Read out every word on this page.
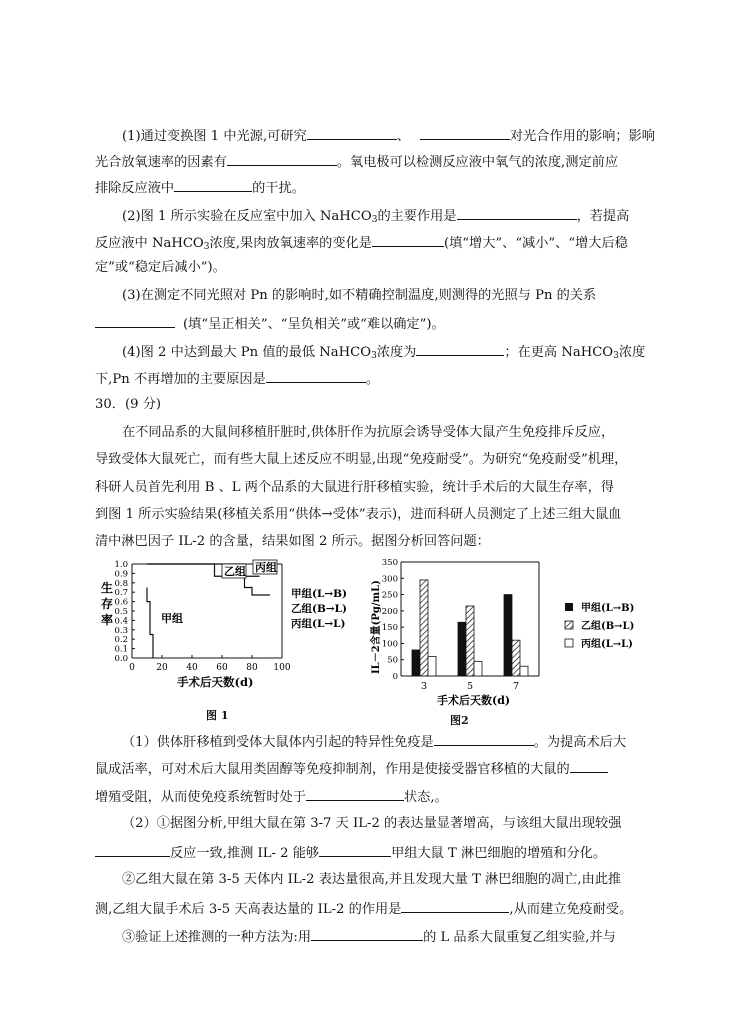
(1)通过变换图 1 中光源,可研究	、	对光合作用的影响；影响
光合放氧速率的因素有	。氧电极可以检测反应液中氧气的浓度,测定前应
排除反应液中	的干扰。
(2)图 1 所示实验在反应室中加入 NaHCO$_3$的主要作用是	，若提高
反应液中 NaHCO$_3$浓度,果肉放氧速率的变化是	(填“增大”、“减小”、“增大后稳
定”或“稳定后减小”)。
(3)在测定不同光照对 Pn 的影响时,如不精确控制温度,则测得的光照与 Pn 的关系
(填“呈正相关”、“呈负相关”或“难以确定”)。
(4)图 2 中达到最大 Pn 值的最低 NaHCO$_3$浓度为	；在更高 NaHCO$_3$浓度
下,Pn 不再增加的主要原因是	。
30．(9 分)
在不同品系的大鼠间移植肝脏时,供体肝作为抗原会诱导受体大鼠产生免疫排斥反应，
导致受体大鼠死亡，而有些大鼠上述反应不明显,出现“免疫耐受”。为研究“免疫耐受”机理，
科研人员首先利用 B 、L 两个品系的大鼠进行肝移植实验，统计手术后的大鼠生存率，得
到图 1 所示实验结果(移植关系用“供体→受体”表示)，进而科研人员测定了上述三组大鼠血
清中淋巴因子 IL-2 的含量，结果如图 2 所示。据图分析回答问题：
生
存
率
1.0
0.9
0.8
0.7
0.6
0.5
0.4
0.3
0.2
0.1
0.0
0 20 40 60 80 100
甲组
乙组 丙组
手术后天数(d)
甲组(L→B)
乙组(B→L)
丙组(L→L)
图 1
IL－2含量(Pg/mL)
0
50
100
150
200
250
300
350
3	5	7
手术后天数(d)
甲组(L→B)
乙组(B→L)
丙组(L→L)
图2
（1）供体肝移植到受体大鼠体内引起的特异性免疫是	。为提高术后大
鼠成活率，可对术后大鼠用类固醇等免疫抑制剂，作用是使接受器官移植的大鼠的
增殖受阻，从而使免疫系统暂时处于	状态,。
（2）①据图分析,甲组大鼠在第 3-7 天 IL-2 的表达量显著增高，与该组大鼠出现较强
反应一致,推测 IL- 2 能够	甲组大鼠 T 淋巴细胞的增殖和分化。
②乙组大鼠在第 3-5 天体内 IL-2 表达量很高,并且发现大量 T 淋巴细胞的凋亡,由此推
测,乙组大鼠手术后 3-5 天高表达量的 IL-2 的作用是	,从而建立免疫耐受。
③验证上述推测的一种方法为:用	的 L 品系大鼠重复乙组实验,并与
